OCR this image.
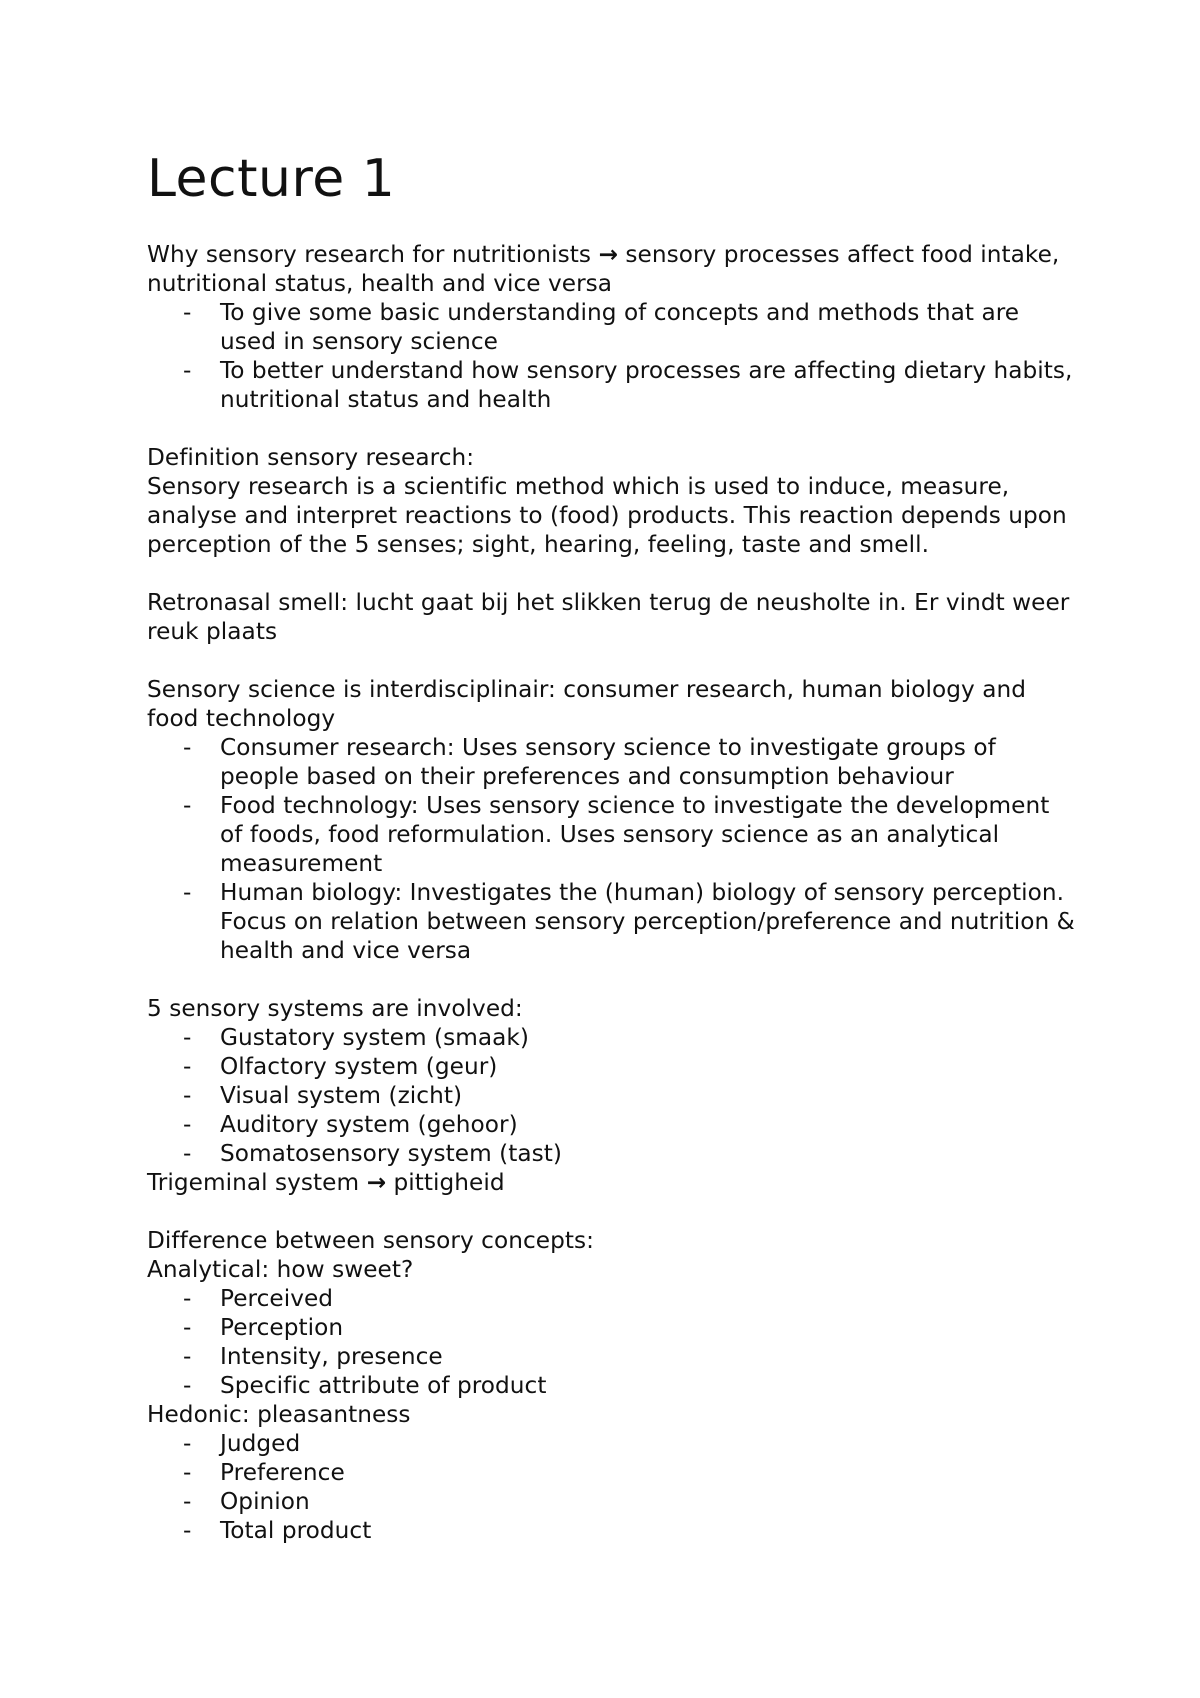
Lecture 1

Why sensory research for nutritionists → sensory processes affect food intake, nutritional status, health and vice versa

- To give some basic understanding of concepts and methods that are used in sensory science
- To better understand how sensory processes are affecting dietary habits, nutritional status and health

Definition sensory research:

Sensory research is a scientific method which is used to induce, measure, analyse and interpret reactions to (food) products. This reaction depends upon perception of the 5 senses; sight, hearing, feeling, taste and smell.

Retronasal smell: lucht gaat bij het slikken terug de neusholte in. Er vindt weer reuk plaats

Sensory science is interdisciplinair: consumer research, human biology and food technology

- Consumer research: Uses sensory science to investigate groups of people based on their preferences and consumption behaviour
- Food technology: Uses sensory science to investigate the development of foods, food reformulation. Uses sensory science as an analytical measurement
- Human biology: Investigates the (human) biology of sensory perception. Focus on relation between sensory perception/preference and nutrition & health and vice versa

5 sensory systems are involved:

- Gustatory system (smaak)
- Olfactory system (geur)
- Visual system (zicht)
- Auditory system (gehoor)
- Somatosensory system (tast)

Trigeminal system → pittigheid

Difference between sensory concepts:

Analytical: how sweet?

- Perceived
- Perception
- Intensity, presence
- Specific attribute of product

Hedonic: pleasantness

- Judged
- Preference
- Opinion
- Total product
